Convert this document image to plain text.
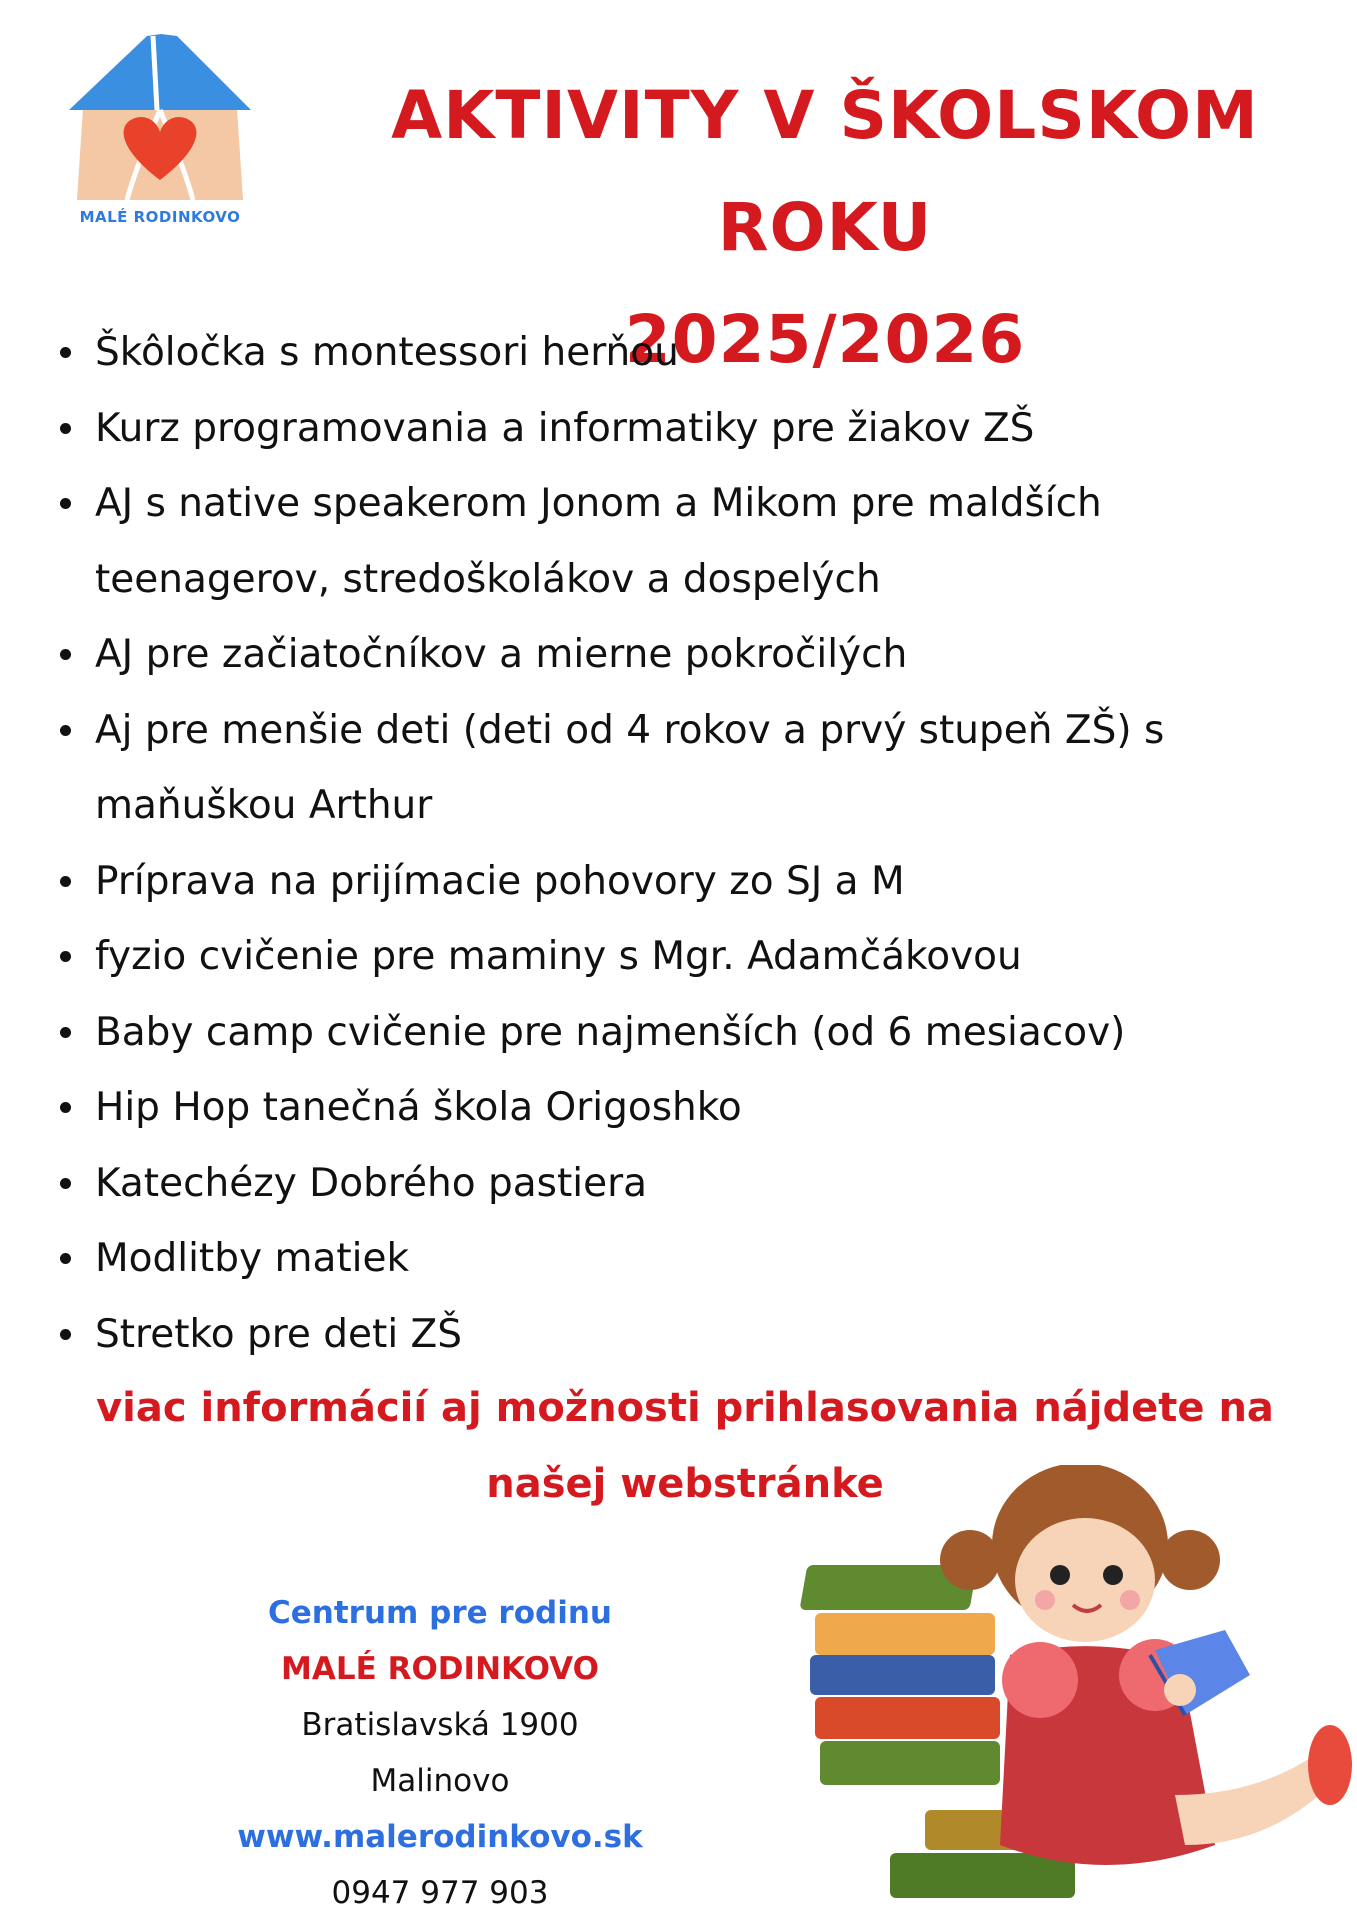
MALÉ RODINKOVO
AKTIVITY V ŠKOLSKOM ROKU
2025/2026
Škôločka s montessori herňou
Kurz programovania a informatiky pre žiakov ZŠ
AJ s native speakerom Jonom a Mikom pre maldších teenagerov, stredoškolákov a dospelých
AJ pre začiatočníkov a mierne pokročilých
Aj pre menšie deti (deti od 4 rokov a prvý stupeň ZŠ) s maňuškou Arthur
Príprava na prijímacie pohovory zo SJ a M
fyzio cvičenie pre maminy s Mgr. Adamčákovou
Baby camp cvičenie pre najmenších (od 6 mesiacov)
Hip Hop tanečná škola Origoshko
Katechézy Dobrého pastiera
Modlitby matiek
Stretko pre deti ZŠ

viac informácií aj možnosti prihlasovania nájdete na našej webstránke

Centrum pre rodinu
MALÉ RODINKOVO
Bratislavská 1900
Malinovo
www.malerodinkovo.sk
0947 977 903
